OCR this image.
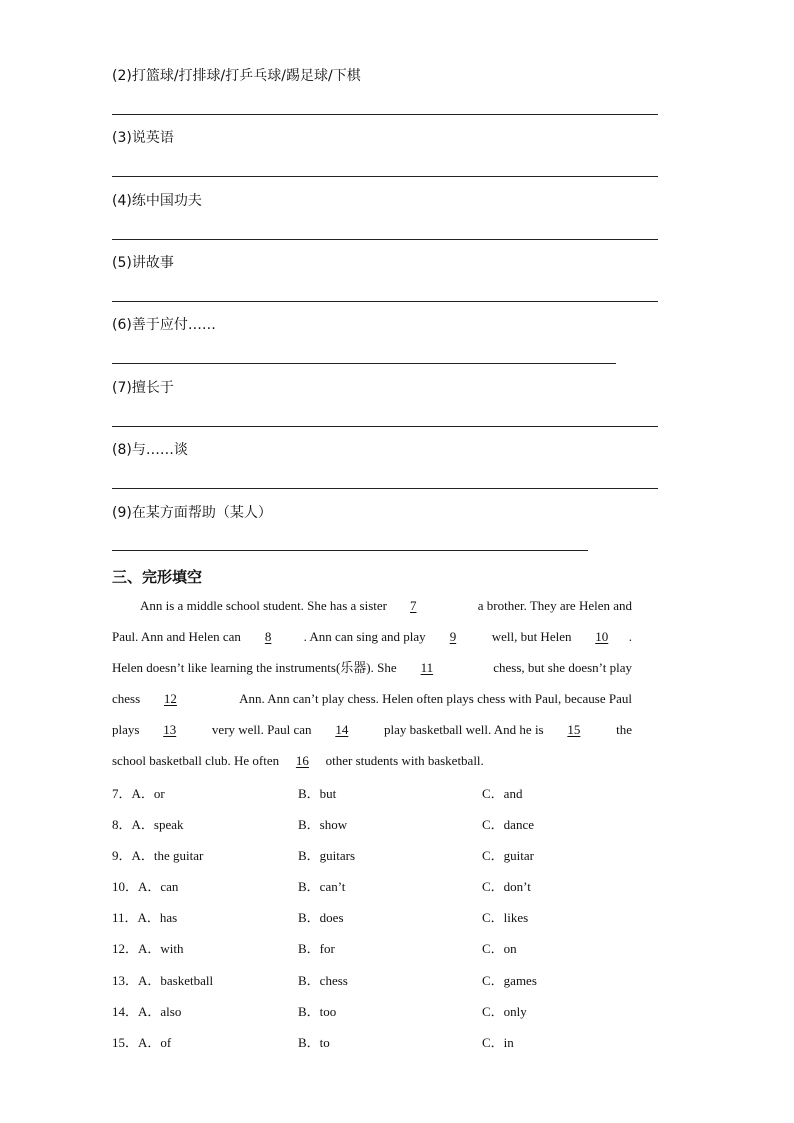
(2)打篮球/打排球/打乒乓球/踢足球/下棋
(3)说英语
(4)练中国功夫
(5)讲故事
(6)善于应付……
(7)擅长于
(8)与……谈
(9)在某方面帮助（某人）
三、完形填空
Ann is a middle school student. She has a sister 7	a brother. They are Helen and
Paul. Ann and Helen can 8	. Ann can sing and play 9	well, but Helen 10 .
Helen doesn’t like learning the instruments(乐器). She 11	chess, but she doesn’t play
chess 12	Ann. Ann can’t play chess. Helen often plays chess with Paul, because Paul
plays 13	very well. Paul can 14	play basketball well. And he is 15	the
school basketball club. He often 16 other students with basketball.
7．A．or	B．but	C．and
8．A．speak	B．show	C．dance
9．A．the guitar	B．guitars	C．guitar
10．A．can	B．can’t	C．don’t
11．A．has	B．does	C．likes
12．A．with	B．for	C．on
13．A．basketball	B．chess	C．games
14．A．also	B．too	C．only
15．A．of	B．to	C．in
